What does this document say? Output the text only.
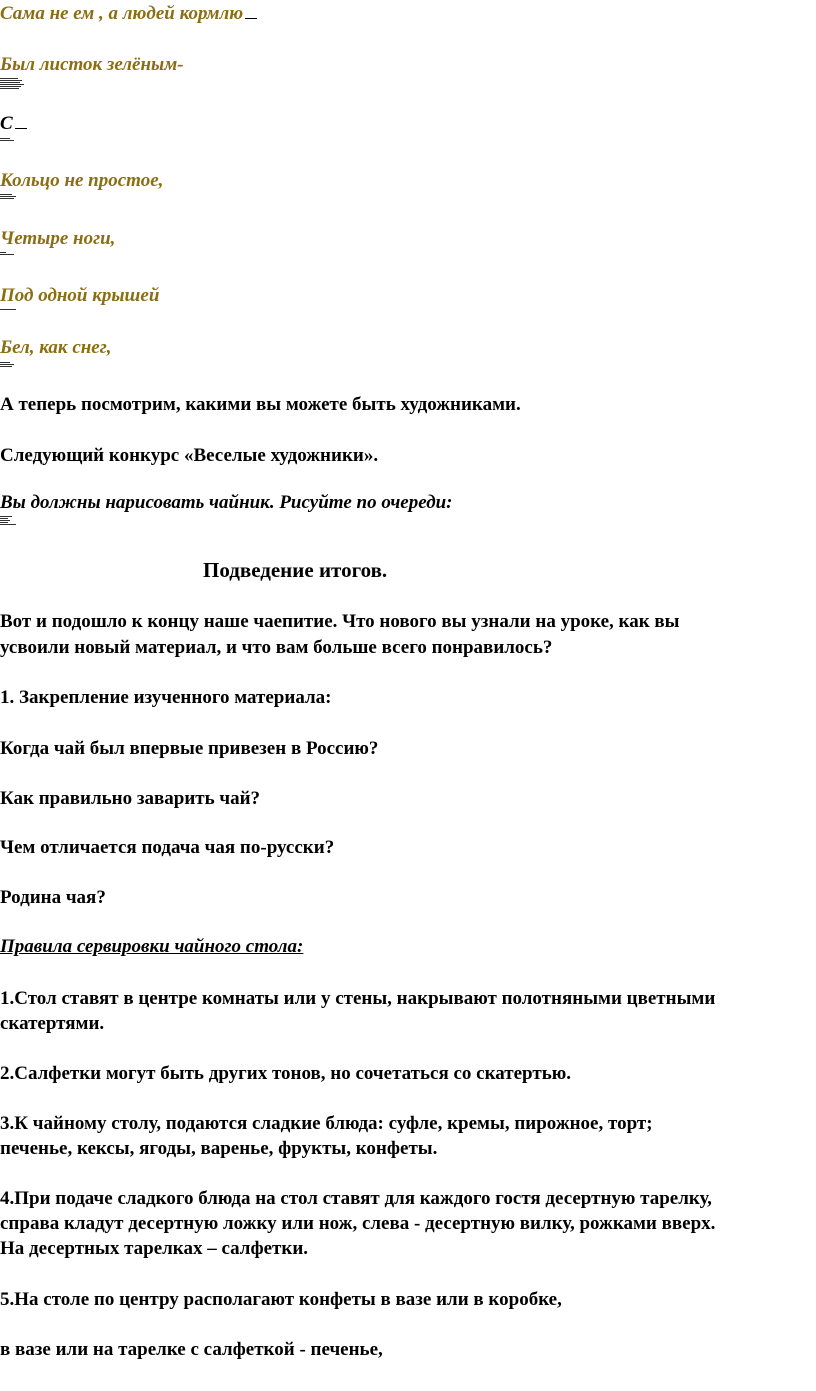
Сама не ем , а людей кормлю
Был листок зелёным-
С
Кольцо не простое,
Четыре ноги,
Под одной крышей
Бел, как снег,
А теперь посмотрим, какими вы можете быть художниками.
Следующий конкурс «Веселые художники».
Вы должны нарисовать чайник. Рисуйте по очереди:
Подведение итогов.
Вот и подошло к концу наше чаепитие. Что нового вы узнали на уроке, как вы
усвоили новый материал, и что вам больше всего понравилось?
1. Закрепление изученного материала:
Когда чай был впервые привезен в Россию?
Как правильно заварить чай?
Чем отличается подача чая по-русски?
Родина чая?
Правила сервировки чайного стола:
1.Стол ставят в центре комнаты или у стены, накрывают полотняными цветными
скатертями.
2.Салфетки могут быть других тонов, но сочетаться со скатертью.
3.К чайному столу, подаются сладкие блюда: суфле, кремы, пирожное, торт;
печенье, кексы, ягоды, варенье, фрукты, конфеты.
4.При подаче сладкого блюда на стол ставят для каждого гостя десертную тарелку,
справа кладут десертную ложку или нож, слева - десертную вилку, рожками вверх.
На десертных тарелках – салфетки.
5.На столе по центру располагают конфеты в вазе или в коробке,
в вазе или на тарелке с салфеткой - печенье,
